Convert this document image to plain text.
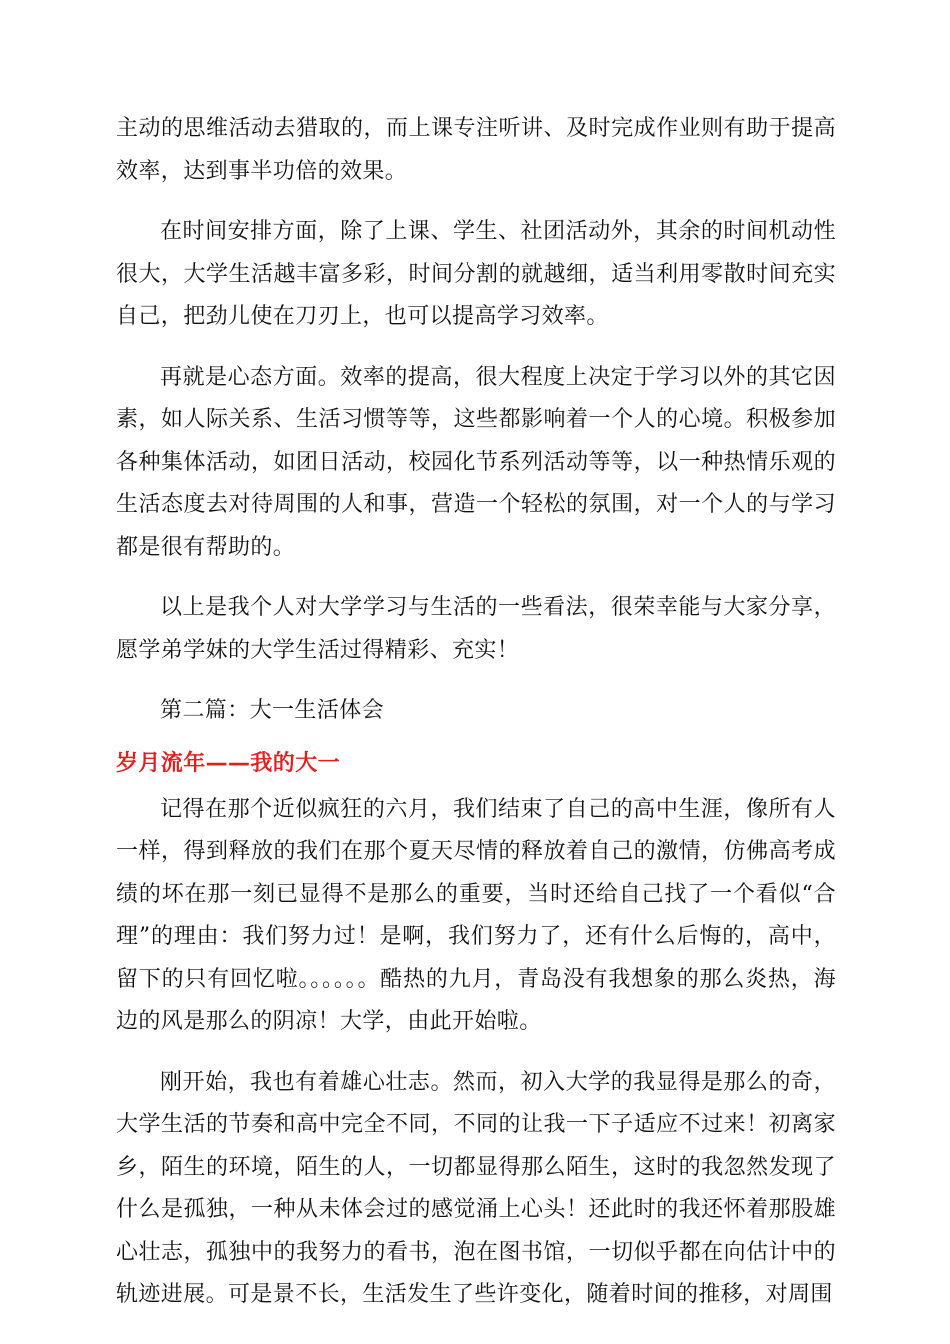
主动的思维活动去猎取的，而上课专注听讲、及时完成作业则有助于提高效率，达到事半功倍的效果。

在时间安排方面，除了上课、学生、社团活动外，其余的时间机动性很大，大学生活越丰富多彩，时间分割的就越细，适当利用零散时间充实自己，把劲儿使在刀刃上，也可以提高学习效率。

再就是心态方面。效率的提高，很大程度上决定于学习以外的其它因素，如人际关系、生活习惯等等，这些都影响着一个人的心境。积极参加各种集体活动，如团日活动，校园化节系列活动等等，以一种热情乐观的生活态度去对待周围的人和事，营造一个轻松的氛围，对一个人的与学习都是很有帮助的。

以上是我个人对大学学习与生活的一些看法，很荣幸能与大家分享，愿学弟学妹的大学生活过得精彩、充实！

第二篇：大一生活体会

岁月流年——我的大一

记得在那个近似疯狂的六月，我们结束了自己的高中生涯，像所有人一样，得到释放的我们在那个夏天尽情的释放着自己的激情，仿佛高考成绩的坏在那一刻已显得不是那么的重要，当时还给自己找了一个看似“合理”的理由：我们努力过！是啊，我们努力了，还有什么后悔的，高中，留下的只有回忆啦。。。。。。酷热的九月，青岛没有我想象的那么炎热，海边的风是那么的阴凉！大学，由此开始啦。

刚开始，我也有着雄心壮志。然而，初入大学的我显得是那么的奇，大学生活的节奏和高中完全不同，不同的让我一下子适应不过来！初离家乡，陌生的环境，陌生的人，一切都显得那么陌生，这时的我忽然发现了什么是孤独，一种从未体会过的感觉涌上心头！还此时的我还怀着那股雄心壮志，孤独中的我努力的看书，泡在图书馆，一切似乎都在向估计中的轨迹进展。可是景不长，生活发生了些许变化，随着时间的推移，对周围
